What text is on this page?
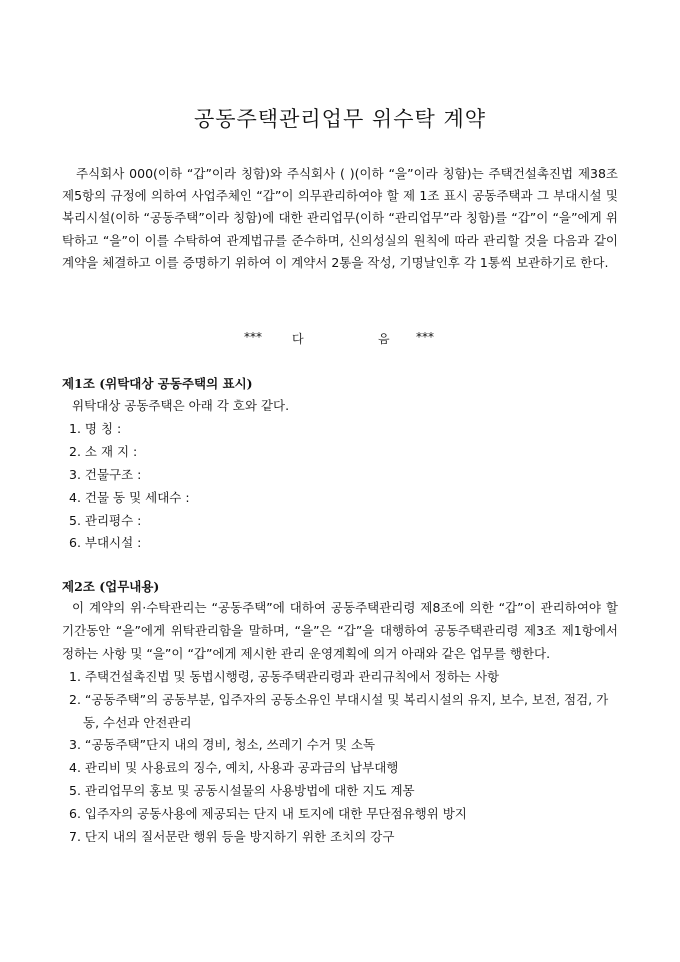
공동주택관리업무 위수탁 계약

주식회사 000(이하 “갑”이라 칭함)와 주식회사 ( )(이하 “을”이라 칭함)는 주택건설촉진법 제38조 제5항의 규정에 의하여 사업주체인 “갑”이 의무관리하여야 할 제 1조 표시 공동주택과 그 부대시설 및 복리시설(이하 “공동주택”이라 칭함)에 대한 관리업무(이하 “관리업무”라 칭함)를 “갑”이 “을”에게 위탁하고 “을”이 이를 수탁하여 관계법규를 준수하며, 신의성실의 원칙에 따라 관리할 것을 다음과 같이 계약을 체결하고 이를 증명하기 위하여 이 계약서 2통을 작성, 기명날인후 각 1통씩 보관하기로 한다.

***	다	음 ***
제1조 (위탁대상 공동주택의 표시)

위탁대상 공동주택은 아래 각 호와 같다.

1. 명 칭 :
2. 소 재 지 :
3. 건물구조 :
4. 건물 동 및 세대수 :
5. 관리평수 :
6. 부대시설 :
제2조 (업무내용)

이 계약의 위·수탁관리는 “공동주택”에 대하여 공동주택관리령 제8조에 의한 “갑”이 관리하여야 할 기간동안 “을”에게 위탁관리함을 말하며, “을”은 “갑”을 대행하여 공동주택관리령 제3조 제1항에서 정하는 사항 및 “을”이 “갑”에게 제시한 관리 운영계획에 의거 아래와 같은 업무를 행한다.

1. 주택건설촉진법 및 동법시행령, 공동주택관리령과 관리규칙에서 정하는 사항
2. “공동주택”의 공동부분, 입주자의 공동소유인 부대시설 및 복리시설의 유지, 보수, 보전, 점검, 가동, 수선과 안전관리
3. “공동주택”단지 내의 경비, 청소, 쓰레기 수거 및 소독
4. 관리비 및 사용료의 징수, 예치, 사용과 공과금의 납부대행
5. 관리업무의 홍보 및 공동시설물의 사용방법에 대한 지도 계몽
6. 입주자의 공동사용에 제공되는 단지 내 토지에 대한 무단점유행위 방지
7. 단지 내의 질서문란 행위 등을 방지하기 위한 조치의 강구
